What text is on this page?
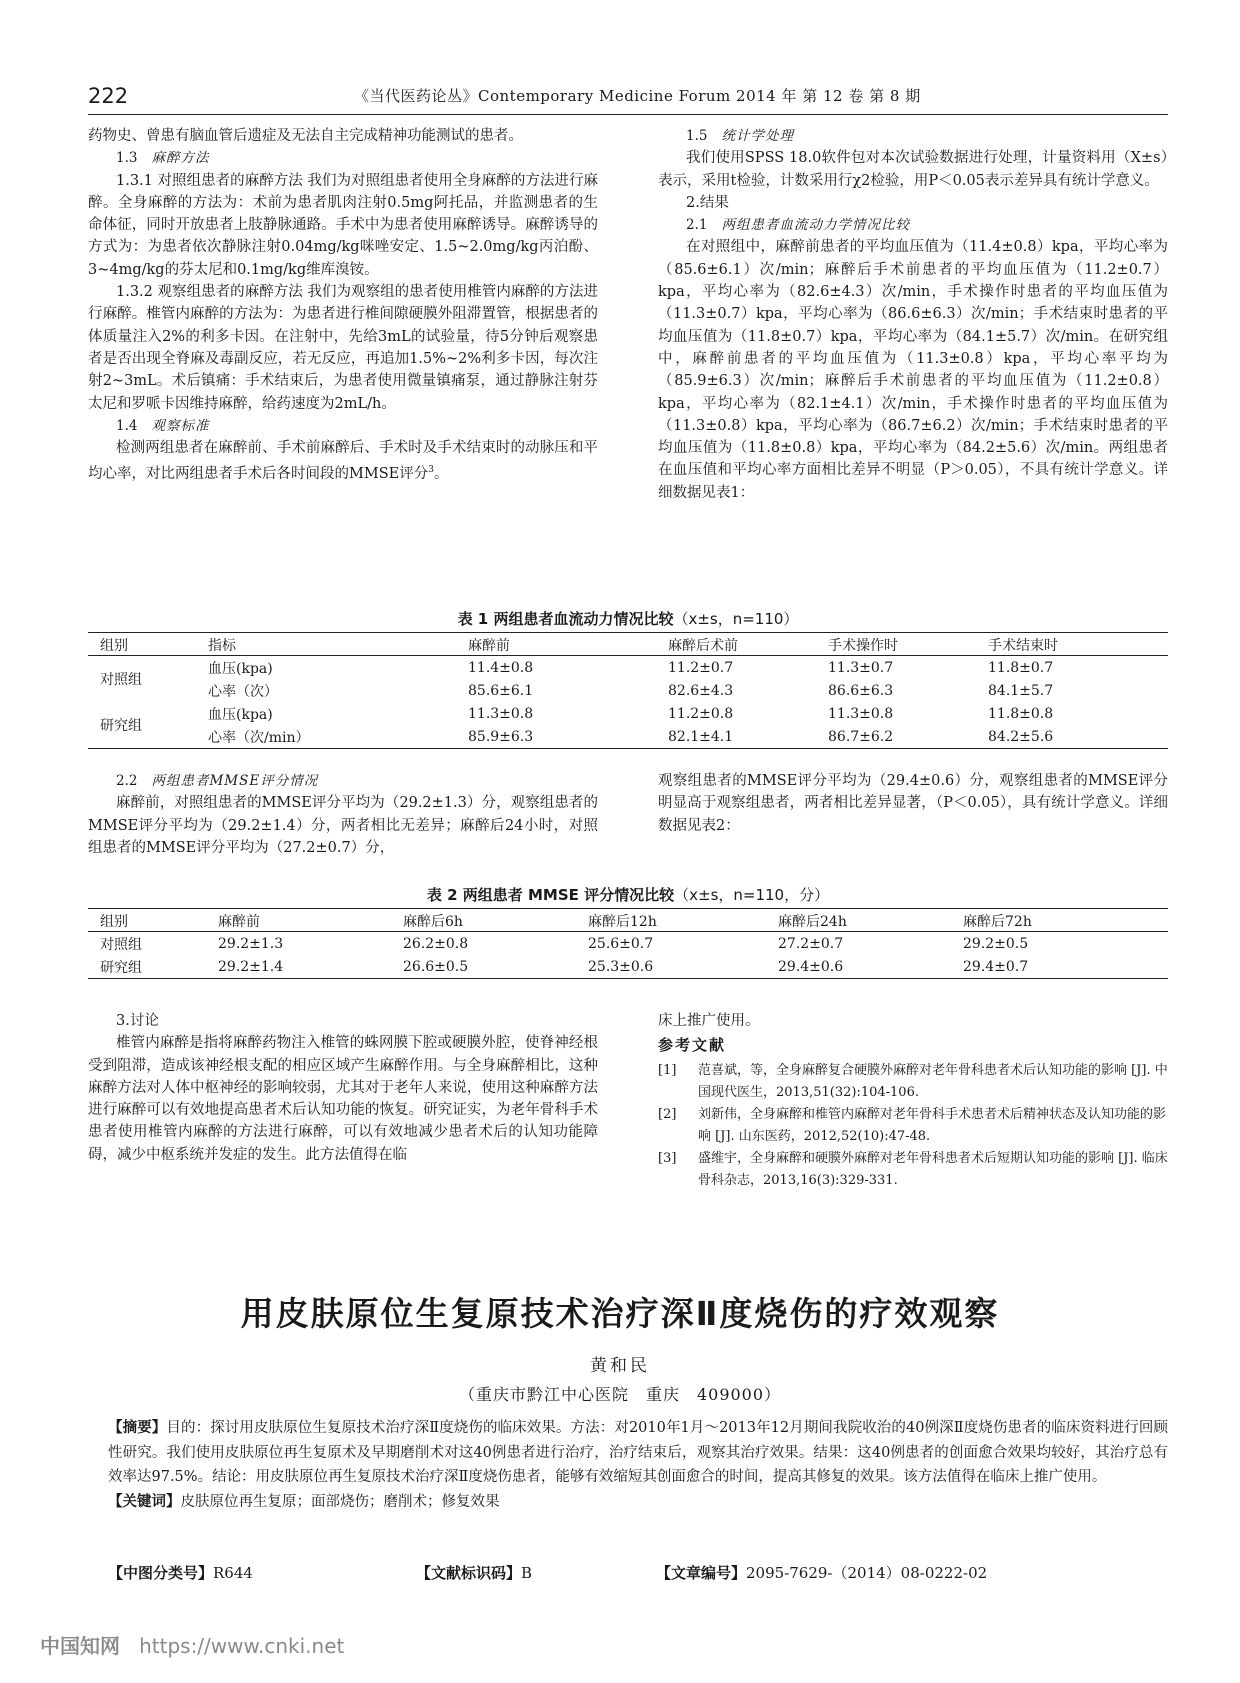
222	《当代医药论丛》Contemporary Medicine Forum 2014 年 第 12 卷 第 8 期

药物史、曾患有脑血管后遗症及无法自主完成精神功能测试的患者。

1.3 麻醉方法

1.3.1 对照组患者的麻醉方法 我们为对照组患者使用全身麻醉的方法进行麻醉。全身麻醉的方法为：术前为患者肌肉注射0.5mg阿托品，并监测患者的生命体征，同时开放患者上肢静脉通路。手术中为患者使用麻醉诱导。麻醉诱导的方式为：为患者依次静脉注射0.04mg/kg咪唑安定、1.5~2.0mg/kg丙泊酚、3~4mg/kg的芬太尼和0.1mg/kg维库溴铵。

1.3.2 观察组患者的麻醉方法 我们为观察组的患者使用椎管内麻醉的方法进行麻醉。椎管内麻醉的方法为：为患者进行椎间隙硬膜外阻滞置管，根据患者的体质量注入2%的利多卡因。在注射中，先给3mL的试验量，待5分钟后观察患者是否出现全脊麻及毒副反应，若无反应，再追加1.5%~2%利多卡因，每次注射2~3mL。术后镇痛：手术结束后，为患者使用微量镇痛泵，通过静脉注射芬太尼和罗哌卡因维持麻醉，给药速度为2mL/h。

1.4 观察标准

检测两组患者在麻醉前、手术前麻醉后、手术时及手术结束时的动脉压和平均心率，对比两组患者手术后各时间段的MMSE评分$^3$。

1.5 统计学处理

我们使用SPSS 18.0软件包对本次试验数据进行处理，计量资料用（X±s）表示，采用t检验，计数采用行χ2检验，用P＜0.05表示差异具有统计学意义。

2.结果

2.1 两组患者血流动力学情况比较

在对照组中，麻醉前患者的平均血压值为（11.4±0.8）kpa，平均心率为（85.6±6.1）次/min；麻醉后手术前患者的平均血压值为（11.2±0.7）kpa，平均心率为（82.6±4.3）次/min，手术操作时患者的平均血压值为（11.3±0.7）kpa，平均心率为（86.6±6.3）次/min；手术结束时患者的平均血压值为（11.8±0.7）kpa，平均心率为（84.1±5.7）次/min。在研究组中，麻醉前患者的平均血压值为（11.3±0.8）kpa，平均心率平均为（85.9±6.3）次/min；麻醉后手术前患者的平均血压值为（11.2±0.8）kpa，平均心率为（82.1±4.1）次/min，手术操作时患者的平均血压值为（11.3±0.8）kpa，平均心率为（86.7±6.2）次/min；手术结束时患者的平均血压值为（11.8±0.8）kpa，平均心率为（84.2±5.6）次/min。两组患者在血压值和平均心率方面相比差异不明显（P＞0.05），不具有统计学意义。详细数据见表1：

表 1 两组患者血流动力情况比较（x±s，n=110）
组别	指标	麻醉前	麻醉后术前	手术操作时	手术结束时
对照组	血压(kpa)	11.4±0.8	11.2±0.7	11.3±0.7	11.8±0.7
	心率（次）	85.6±6.1	82.6±4.3	86.6±6.3	84.1±5.7
研究组	血压(kpa)	11.3±0.8	11.2±0.8	11.3±0.8	11.8±0.8
	心率（次/min）	85.9±6.3	82.1±4.1	86.7±6.2	84.2±5.6

2.2 两组患者MMSE评分情况

麻醉前，对照组患者的MMSE评分平均为（29.2±1.3）分，观察组患者的MMSE评分平均为（29.2±1.4）分，两者相比无差异；麻醉后24小时，对照组患者的MMSE评分平均为（27.2±0.7）分，

观察组患者的MMSE评分平均为（29.4±0.6）分，观察组患者的MMSE评分明显高于观察组患者，两者相比差异显著，（P＜0.05），具有统计学意义。详细数据见表2：

表 2 两组患者 MMSE 评分情况比较（x±s，n=110，分）
组别	麻醉前	麻醉后6h	麻醉后12h	麻醉后24h	麻醉后72h
对照组	29.2±1.3	26.2±0.8	25.6±0.7	27.2±0.7	29.2±0.5
研究组	29.2±1.4	26.6±0.5	25.3±0.6	29.4±0.6	29.4±0.7

3.讨论

椎管内麻醉是指将麻醉药物注入椎管的蛛网膜下腔或硬膜外腔，使脊神经根受到阻滞，造成该神经根支配的相应区域产生麻醉作用。与全身麻醉相比，这种麻醉方法对人体中枢神经的影响较弱，尤其对于老年人来说，使用这种麻醉方法进行麻醉可以有效地提高患者术后认知功能的恢复。研究证实，为老年骨科手术患者使用椎管内麻醉的方法进行麻醉，可以有效地减少患者术后的认知功能障碍，减少中枢系统并发症的发生。此方法值得在临

床上推广使用。

参考文献

[1]	范喜斌，等，全身麻醉复合硬膜外麻醉对老年骨科患者术后认知功能的影响 [J]. 中国现代医生，2013,51(32):104-106.
[2]	刘新伟，全身麻醉和椎管内麻醉对老年骨科手术患者术后精神状态及认知功能的影响 [J]. 山东医药，2012,52(10):47-48.
[3]	盛维宇，全身麻醉和硬膜外麻醉对老年骨科患者术后短期认知功能的影响 [J]. 临床骨科杂志，2013,16(3):329-331.
用皮肤原位生复原技术治疗深Ⅱ度烧伤的疗效观察
黄和民
（重庆市黔江中心医院　重庆　409000）

【摘要】目的：探讨用皮肤原位生复原技术治疗深Ⅱ度烧伤的临床效果。方法：对2010年1月～2013年12月期间我院收治的40例深Ⅱ度烧伤患者的临床资料进行回顾性研究。我们使用皮肤原位再生复原术及早期磨削术对这40例患者进行治疗，治疗结束后，观察其治疗效果。结果：这40例患者的创面愈合效果均较好，其治疗总有效率达97.5%。结论：用皮肤原位再生复原技术治疗深Ⅱ度烧伤患者，能够有效缩短其创面愈合的时间，提高其修复的效果。该方法值得在临床上推广使用。

【关键词】皮肤原位再生复原；面部烧伤；磨削术；修复效果

【中图分类号】R644	【文献标识码】B	【文章编号】2095-7629-（2014）08-0222-02
中国知网 https://www.cnki.net
